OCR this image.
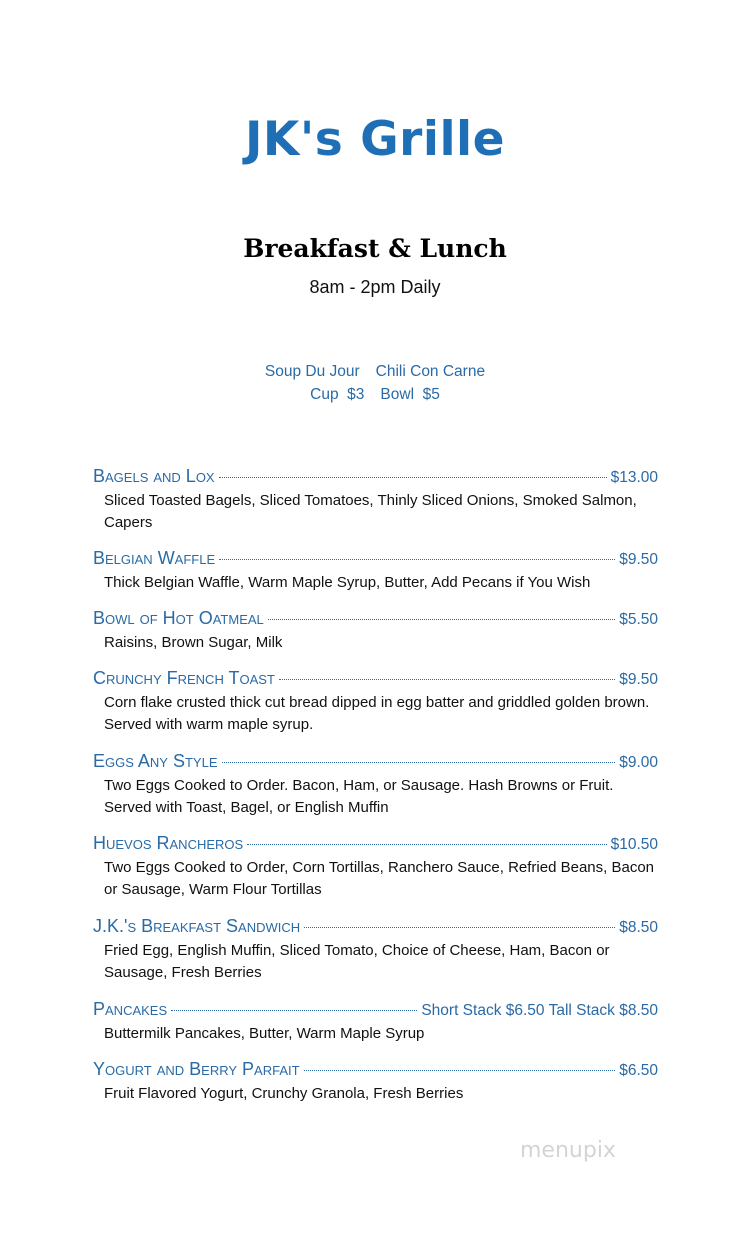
JK's Grille
Breakfast & Lunch
8am - 2pm Daily
Soup Du Jour Chili Con Carne
Cup  $3 Bowl  $5
Bagels and Lox	$13.00
Sliced Toasted Bagels, Sliced Tomatoes, Thinly Sliced Onions, Smoked Salmon, Capers
Belgian Waffle	$9.50
Thick Belgian Waffle, Warm Maple Syrup, Butter, Add Pecans if You Wish
Bowl of Hot Oatmeal	$5.50
Raisins, Brown Sugar, Milk
Crunchy French Toast	$9.50
Corn flake crusted thick cut bread dipped in egg batter and griddled golden brown. Served with warm maple syrup.
Eggs Any Style	$9.00
Two Eggs Cooked to Order. Bacon, Ham, or Sausage. Hash Browns or Fruit. Served with Toast, Bagel, or English Muffin
Huevos Rancheros	$10.50
Two Eggs Cooked to Order, Corn Tortillas, Ranchero Sauce, Refried Beans, Bacon or Sausage, Warm Flour Tortillas
J.K.'s Breakfast Sandwich	$8.50
Fried Egg, English Muffin, Sliced Tomato, Choice of Cheese, Ham, Bacon or Sausage, Fresh Berries
Pancakes	Short Stack $6.50 Tall Stack $8.50
Buttermilk Pancakes, Butter, Warm Maple Syrup
Yogurt and Berry Parfait	$6.50
Fruit Flavored Yogurt, Crunchy Granola, Fresh Berries
menupix
